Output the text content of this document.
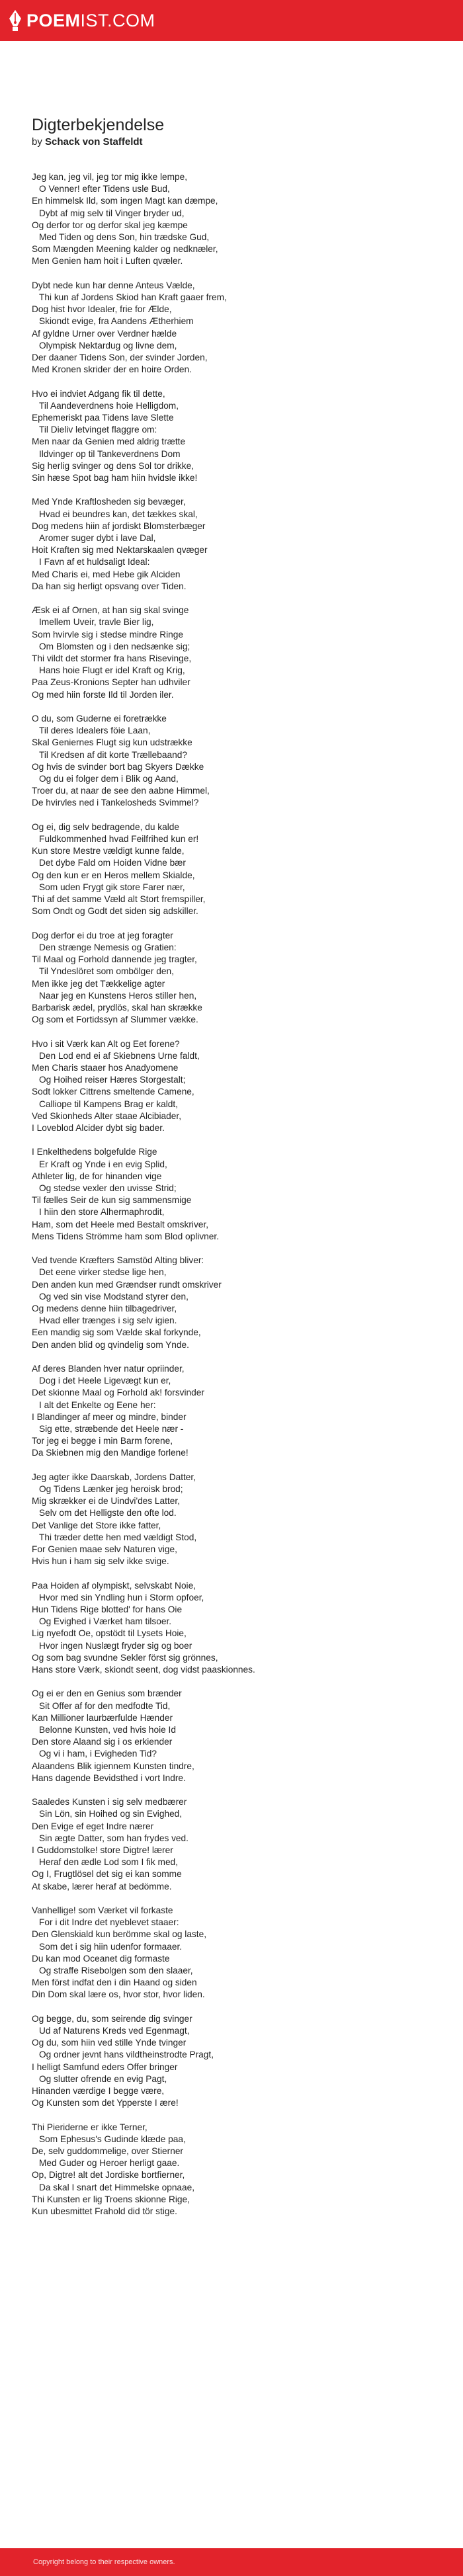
POEMIST.COM
Digterbekjendelse
by Schack von Staffeldt
Jeg kan, jeg vil, jeg tor mig ikke lempe,
O Venner! efter Tidens usle Bud,
En himmelsk Ild, som ingen Magt kan dæmpe,
Dybt af mig selv til Vinger bryder ud,
Og derfor tor og derfor skal jeg kæmpe
Med Tiden og dens Son, hin trædske Gud,
Som Mængden Meening kalder og nedknæler,
Men Genien ham hoit i Luften qvæler.
Dybt nede kun har denne Anteus Vælde,
Thi kun af Jordens Skiod han Kraft gaaer frem,
Dog hist hvor Idealer, frie for Ælde,
Skiondt evige, fra Aandens Ætherhiem
Af gyldne Urner over Verdner hælde
Olympisk Nektardug og livne dem,
Der daaner Tidens Son, der svinder Jorden,
Med Kronen skrider der en hoire Orden.
Hvo ei indviet Adgang fik til dette,
Til Aandeverdnens hoie Helligdom,
Ephemeriskt paa Tidens lave Slette
Til Dieliv letvinget flaggre om:
Men naar da Genien med aldrig trætte
Ildvinger op til Tankeverdnens Dom
Sig herlig svinger og dens Sol tor drikke,
Sin hæse Spot bag ham hiin hvidsle ikke!
Med Ynde Kraftlosheden sig bevæger,
Hvad ei beundres kan, det tækkes skal,
Dog medens hiin af jordiskt Blomsterbæger
Aromer suger dybt i lave Dal,
Hoit Kraften sig med Nektarskaalen qvæger
I Favn af et huldsaligt Ideal:
Med Charis ei, med Hebe gik Alciden
Da han sig herligt opsvang over Tiden.
Æsk ei af Ornen, at han sig skal svinge
Imellem Uveir, travle Bier lig,
Som hvirvle sig i stedse mindre Ringe
Om Blomsten og i den nedsænke sig;
Thi vildt det stormer fra hans Risevinge,
Hans hoie Flugt er idel Kraft og Krig,
Paa Zeus-Kronions Septer han udhviler
Og med hiin forste Ild til Jorden iler.
O du, som Guderne ei foretrække
Til deres Idealers föie Laan,
Skal Geniernes Flugt sig kun udstrække
Til Kredsen af dit korte Trællebaand?
Og hvis de svinder bort bag Skyers Dække
Og du ei folger dem i Blik og Aand,
Troer du, at naar de see den aabne Himmel,
De hvirvles ned i Tankelosheds Svimmel?
Og ei, dig selv bedragende, du kalde
Fuldkommenhed hvad Feilfrihed kun er!
Kun store Mestre vældigt kunne falde,
Det dybe Fald om Hoiden Vidne bær
Og den kun er en Heros mellem Skialde,
Som uden Frygt gik store Farer nær,
Thi af det samme Væld alt Stort fremspiller,
Som Ondt og Godt det siden sig adskiller.
Dog derfor ei du troe at jeg foragter
Den strænge Nemesis og Gratien:
Til Maal og Forhold dannende jeg tragter,
Til Yndeslöret som ombölger den,
Men ikke jeg det Tækkelige agter
Naar jeg en Kunstens Heros stiller hen,
Barbarisk ædel, prydlös, skal han skrække
Og som et Fortidssyn af Slummer vække.
Hvo i sit Værk kan Alt og Eet forene?
Den Lod end ei af Skiebnens Urne faldt,
Men Charis staaer hos Anadyomene
Og Hoihed reiser Hæres Storgestalt;
Sodt lokker Cittrens smeltende Camene,
Calliope til Kampens Brag er kaldt,
Ved Skionheds Alter staae Alcibiader,
I Loveblod Alcider dybt sig bader.
I Enkelthedens bolgefulde Rige
Er Kraft og Ynde i en evig Splid,
Athleter lig, de for hinanden vige
Og stedse vexler den uvisse Strid;
Til fælles Seir de kun sig sammensmige
I hiin den store Alhermaphrodit,
Ham, som det Heele med Bestalt omskriver,
Mens Tidens Strömme ham som Blod oplivner.
Ved tvende Kræfters Samstöd Alting bliver:
Det eene virker stedse lige hen,
Den anden kun med Grændser rundt omskriver
Og ved sin vise Modstand styrer den,
Og medens denne hiin tilbagedriver,
Hvad eller trænges i sig selv igien.
Een mandig sig som Vælde skal forkynde,
Den anden blid og qvindelig som Ynde.
Af deres Blanden hver natur opriinder,
Dog i det Heele Ligevægt kun er,
Det skionne Maal og Forhold ak! forsvinder
I alt det Enkelte og Eene her:
I Blandinger af meer og mindre, binder
Sig ette, stræbende det Heele nær -
Tor jeg ei begge i min Barm forene,
Da Skiebnen mig den Mandige forlene!
Jeg agter ikke Daarskab, Jordens Datter,
Og Tidens Lænker jeg heroisk brod;
Mig skrækker ei de Uindvi'des Latter,
Selv om det Helligste den ofte lod.
Det Vanlige det Store ikke fatter,
Thi træder dette hen med vældigt Stod,
For Genien maae selv Naturen vige,
Hvis hun i ham sig selv ikke svige.
Paa Hoiden af olympiskt, selvskabt Noie,
Hvor med sin Yndling hun i Storm opfoer,
Hun Tidens Rige blotted' for hans Oie
Og Evighed i Værket ham tilsoer.
Lig nyefodt Oe, opstödt til Lysets Hoie,
Hvor ingen Nuslægt fryder sig og boer
Og som bag svundne Sekler först sig grönnes,
Hans store Værk, skiondt seent, dog vidst paaskionnes.
Og ei er den en Genius som brænder
Sit Offer af for den medfodte Tid,
Kan Millioner laurbærfulde Hænder
Belonne Kunsten, ved hvis hoie Id
Den store Alaand sig i os erkiender
Og vi i ham, i Evigheden Tid?
Alaandens Blik igiennem Kunsten tindre,
Hans dagende Bevidsthed i vort Indre.
Saaledes Kunsten i sig selv medbærer
Sin Lön, sin Hoihed og sin Evighed,
Den Evige ef eget Indre nærer
Sin ægte Datter, som han frydes ved.
I Guddomstolke! store Digtre! lærer
Heraf den ædle Lod som I fik med,
Og I, Frugtlösel det sig ei kan somme
At skabe, lærer heraf at bedömme.
Vanhellige! som Værket vil forkaste
For i dit Indre det nyeblevet staaer:
Den Glenskiald kun berömme skal og laste,
Som det i sig hiin udenfor formaaer.
Du kan mod Oceanet dig formaste
Og straffe Risebolgen som den slaaer,
Men först indfat den i din Haand og siden
Din Dom skal lære os, hvor stor, hvor liden.
Og begge, du, som seirende dig svinger
Ud af Naturens Kreds ved Egenmagt,
Og du, som hiin ved stille Ynde tvinger
Og ordner jevnt hans vildtheinstrodte Pragt,
I helligt Samfund eders Offer bringer
Og slutter ofrende en evig Pagt,
Hinanden værdige I begge være,
Og Kunsten som det Ypperste I ære!
Thi Pieriderne er ikke Terner,
Som Ephesus's Gudinde klæde paa,
De, selv guddommelige, over Stierner
Med Guder og Heroer herligt gaae.
Op, Digtre! alt det Jordiske bortfierner,
Da skal I snart det Himmelske opnaae,
Thi Kunsten er lig Troens skionne Rige,
Kun ubesmittet Frahold did tör stige.
Copyright belong to their respective owners.
